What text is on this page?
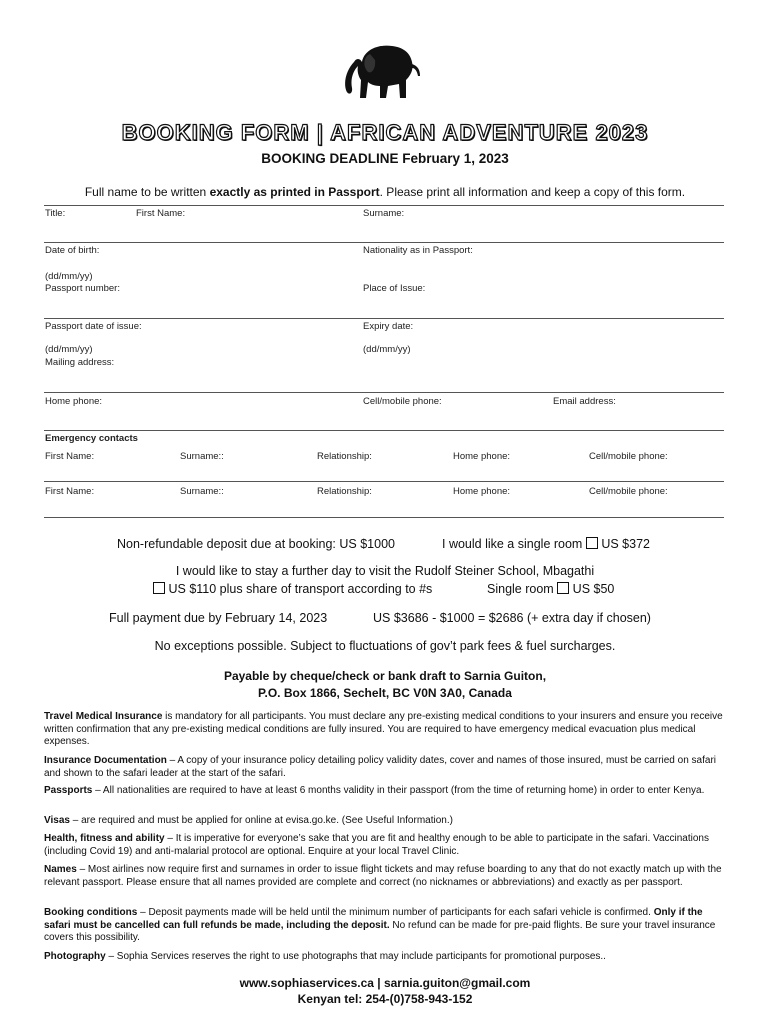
BOOKING FORM | AFRICAN ADVENTURE 2023
BOOKING DEADLINE February 1, 2023
Full name to be written exactly as printed in Passport. Please print all information and keep a copy of this form.
Title:	First Name:	Surname:
Date of birth:	Nationality as in Passport:
(dd/mm/yy)
Passport number:	Place of Issue:
Passport date of issue:	Expiry date:
(dd/mm/yy)	(dd/mm/yy)
Mailing address:
Home phone:	Cell/mobile phone:	Email address:
Emergency contacts
First Name:	Surname::	Relationship:	Home phone:	Cell/mobile phone:
First Name:	Surname::	Relationship:	Home phone:	Cell/mobile phone:
Non-refundable deposit due at booking: US $1000	I would like a single room US $372
I would like to stay a further day to visit the Rudolf Steiner School, Mbagathi
US $110 plus share of transport according to #s	Single room US $50
Full payment due by February 14, 2023	US $3686 - $1000 = $2686 (+ extra day if chosen)
No exceptions possible. Subject to fluctuations of gov’t park fees & fuel surcharges.
Payable by cheque/check or bank draft to Sarnia Guiton,
P.O. Box 1866, Sechelt, BC V0N 3A0, Canada
Travel Medical Insurance is mandatory for all participants. You must declare any pre-existing medical conditions to your insurers and ensure you receive written confirmation that any pre-existing medical conditions are fully insured. You are required to have emergency medical evacuation plus medical expenses.
Insurance Documentation – A copy of your insurance policy detailing policy validity dates, cover and names of those insured, must be carried on safari and shown to the safari leader at the start of the safari.
Passports – All nationalities are required to have at least 6 months validity in their passport (from the time of returning home) in order to enter Kenya.
Visas – are required and must be applied for online at evisa.go.ke. (See Useful Information.)
Health, fitness and ability – It is imperative for everyone’s sake that you are fit and healthy enough to be able to participate in the safari. Vaccinations (including Covid 19) and anti-malarial protocol are optional. Enquire at your local Travel Clinic.
Names – Most airlines now require first and surnames in order to issue flight tickets and may refuse boarding to any that do not exactly match up with the relevant passport. Please ensure that all names provided are complete and correct (no nicknames or abbreviations) and exactly as per passport.
Booking conditions – Deposit payments made will be held until the minimum number of participants for each safari vehicle is confirmed. Only if the safari must be cancelled can full refunds be made, including the deposit. No refund can be made for pre-paid flights. Be sure your travel insurance covers this possibility.
Photography – Sophia Services reserves the right to use photographs that may include participants for promotional purposes..
www.sophiaservices.ca | sarnia.guiton@gmail.com
Kenyan tel: 254-(0)758-943-152
